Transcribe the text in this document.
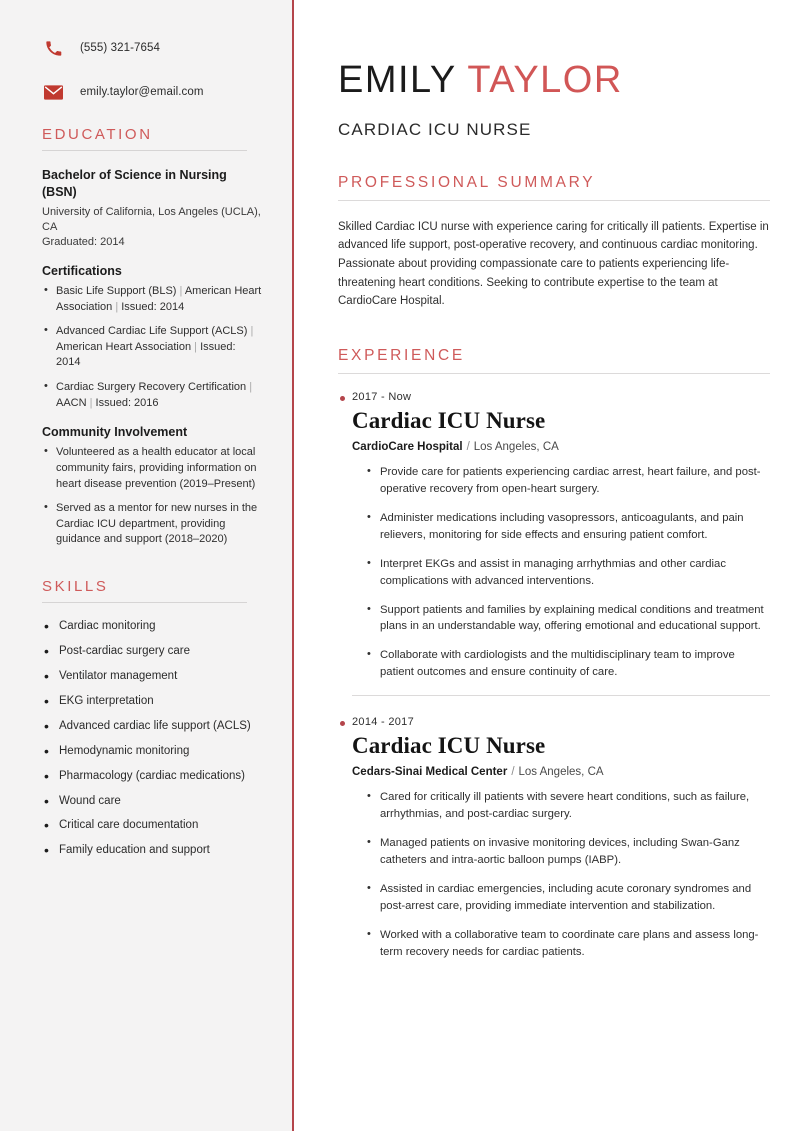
(555) 321-7654
emily.taylor@email.com
EDUCATION
Bachelor of Science in Nursing (BSN)
University of California, Los Angeles (UCLA), CA
Graduated: 2014
Certifications
• Basic Life Support (BLS) | American Heart Association | Issued: 2014
• Advanced Cardiac Life Support (ACLS) | American Heart Association | Issued: 2014
• Cardiac Surgery Recovery Certification | AACN | Issued: 2016
Community Involvement
• Volunteered as a health educator at local community fairs, providing information on heart disease prevention (2019–Present)
• Served as a mentor for new nurses in the Cardiac ICU department, providing guidance and support (2018–2020)
SKILLS
• Cardiac monitoring
• Post-cardiac surgery care
• Ventilator management
• EKG interpretation
• Advanced cardiac life support (ACLS)
• Hemodynamic monitoring
• Pharmacology (cardiac medications)
• Wound care
• Critical care documentation
• Family education and support
EMILY TAYLOR
CARDIAC ICU NURSE
PROFESSIONAL SUMMARY

Skilled Cardiac ICU nurse with experience caring for critically ill patients. Expertise in advanced life support, post-operative recovery, and continuous cardiac monitoring. Passionate about providing compassionate care to patients experiencing life-threatening heart conditions. Seeking to contribute expertise to the team at CardioCare Hospital.

EXPERIENCE
2017 - Now
Cardiac ICU Nurse
CardioCare Hospital / Los Angeles, CA
• Provide care for patients experiencing cardiac arrest, heart failure, and post-operative recovery from open-heart surgery.
• Administer medications including vasopressors, anticoagulants, and pain relievers, monitoring for side effects and ensuring patient comfort.
• Interpret EKGs and assist in managing arrhythmias and other cardiac complications with advanced interventions.
• Support patients and families by explaining medical conditions and treatment plans in an understandable way, offering emotional and educational support.
• Collaborate with cardiologists and the multidisciplinary team to improve patient outcomes and ensure continuity of care.
2014 - 2017
Cardiac ICU Nurse
Cedars-Sinai Medical Center / Los Angeles, CA
• Cared for critically ill patients with severe heart conditions, such as failure, arrhythmias, and post-cardiac surgery.
• Managed patients on invasive monitoring devices, including Swan-Ganz catheters and intra-aortic balloon pumps (IABP).
• Assisted in cardiac emergencies, including acute coronary syndromes and post-arrest care, providing immediate intervention and stabilization.
• Worked with a collaborative team to coordinate care plans and assess long-term recovery needs for cardiac patients.
